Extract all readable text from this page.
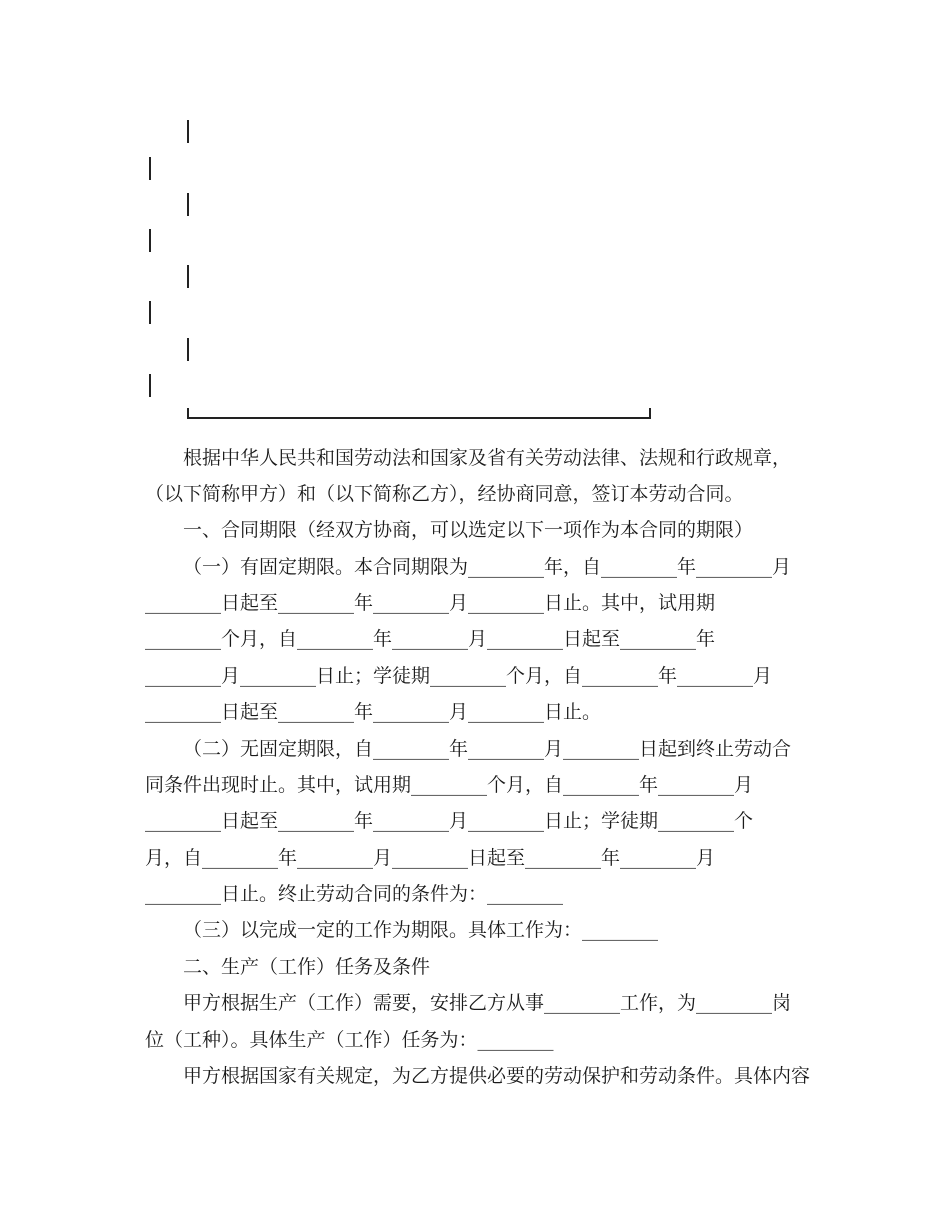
根据中华人民共和国劳动法和国家及省有关劳动法律、法规和行政规章，
（以下简称甲方）和（以下简称乙方），经协商同意，签订本劳动合同。
一、合同期限（经双方协商，可以选定以下一项作为本合同的期限）
（一）有固定期限。本合同期限为________年，自________年________月
________日起至________年________月________日止。其中，试用期
________个月，自________年________月________日起至________年
________月________日止；学徒期________个月，自________年________月
________日起至________年________月________日止。
（二）无固定期限，自________年________月________日起到终止劳动合
同条件出现时止。其中，试用期________个月，自________年________月
________日起至________年________月________日止；学徒期________个
月，自________年________月________日起至________年________月
________日止。终止劳动合同的条件为：________
（三）以完成一定的工作为期限。具体工作为：________
二、生产（工作）任务及条件
甲方根据生产（工作）需要，安排乙方从事________工作，为________岗
位（工种）。具体生产（工作）任务为：________
甲方根据国家有关规定，为乙方提供必要的劳动保护和劳动条件。具体内容
